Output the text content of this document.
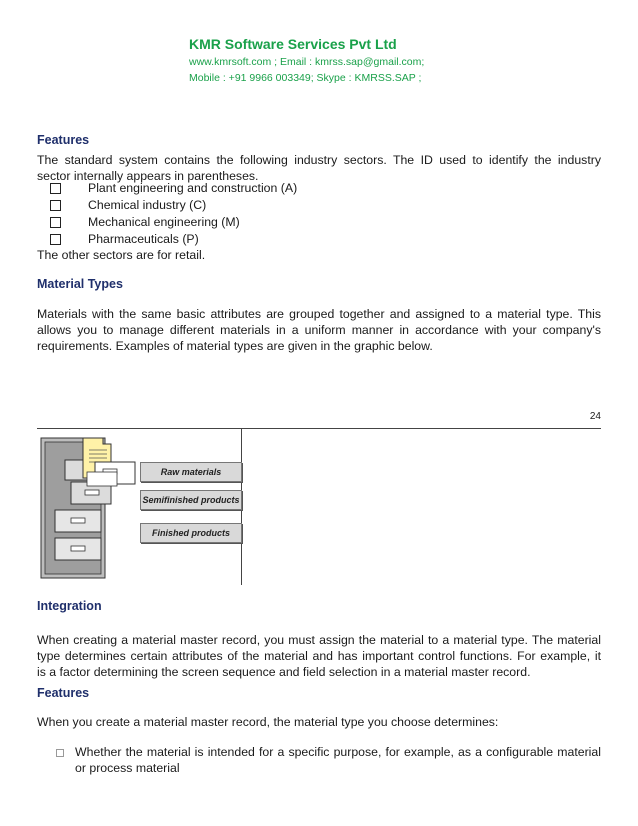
KMR Software Services Pvt Ltd
www.kmrsoft.com ; Email : kmrss.sap@gmail.com;
Mobile : +91 9966 003349; Skype : KMRSS.SAP ;
Features
The standard system contains the following industry sectors. The ID used to identify the industry
sector internally appears in parentheses.
Plant engineering and construction (A)
Chemical industry (C)
Mechanical engineering (M)
Pharmaceuticals (P)
The other sectors are for retail.
Material Types
Materials with the same basic attributes are grouped together and assigned to a material type. This
allows you to manage different materials in a uniform manner in accordance with your company's
requirements. Examples of material types are given in the graphic below.
24
Raw materials
Semifinished products
Finished products
Integration
When creating a material master record, you must assign the material to a material type. The material
type determines certain attributes of the material and has important control functions. For example, it
is a factor determining the screen sequence and field selection in a material master record.
Features
When you create a material master record, the material type you choose determines:
Whether the material is intended for a specific purpose, for example, as a configurable material
or process material
